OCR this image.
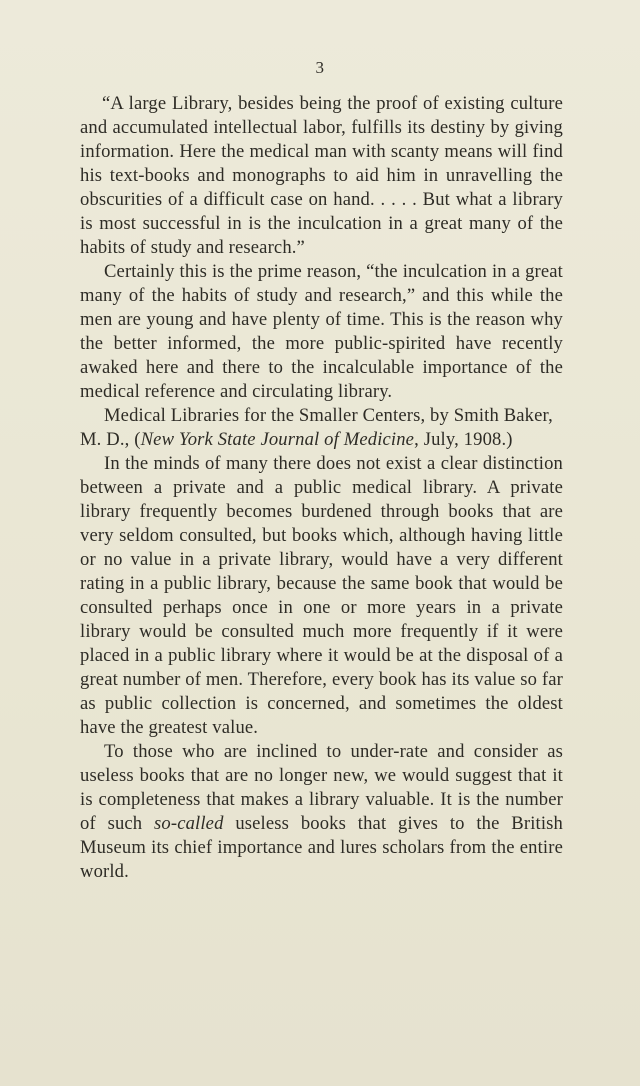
3

“A large Library, besides being the proof of existing culture and accumulated intellectual labor, fulfills its destiny by giving information. Here the medical man with scanty means will find his text-books and monographs to aid him in unravelling the obscurities of a difficult case on hand. . . . . But what a library is most successful in is the inculcation in a great many of the habits of study and research.”

Certainly this is the prime reason, “the inculcation in a great many of the habits of study and research,” and this while the men are young and have plenty of time. This is the reason why the better informed, the more public-spirited have recently awaked here and there to the incalculable importance of the medical reference and circulating library.

Medical Libraries for the Smaller Centers, by Smith Baker, M. D., (New York State Journal of Medicine, July, 1908.)

In the minds of many there does not exist a clear distinction between a private and a public medical library. A private library frequently becomes burdened through books that are very seldom consulted, but books which, although having little or no value in a private library, would have a very different rating in a public library, because the same book that would be consulted perhaps once in one or more years in a private library would be consulted much more frequently if it were placed in a public library where it would be at the disposal of a great number of men. Therefore, every book has its value so far as public collection is concerned, and sometimes the oldest have the greatest value.

To those who are inclined to under-rate and consider as useless books that are no longer new, we would suggest that it is completeness that makes a library valuable. It is the number of such so-called useless books that gives to the British Museum its chief importance and lures scholars from the entire world.
